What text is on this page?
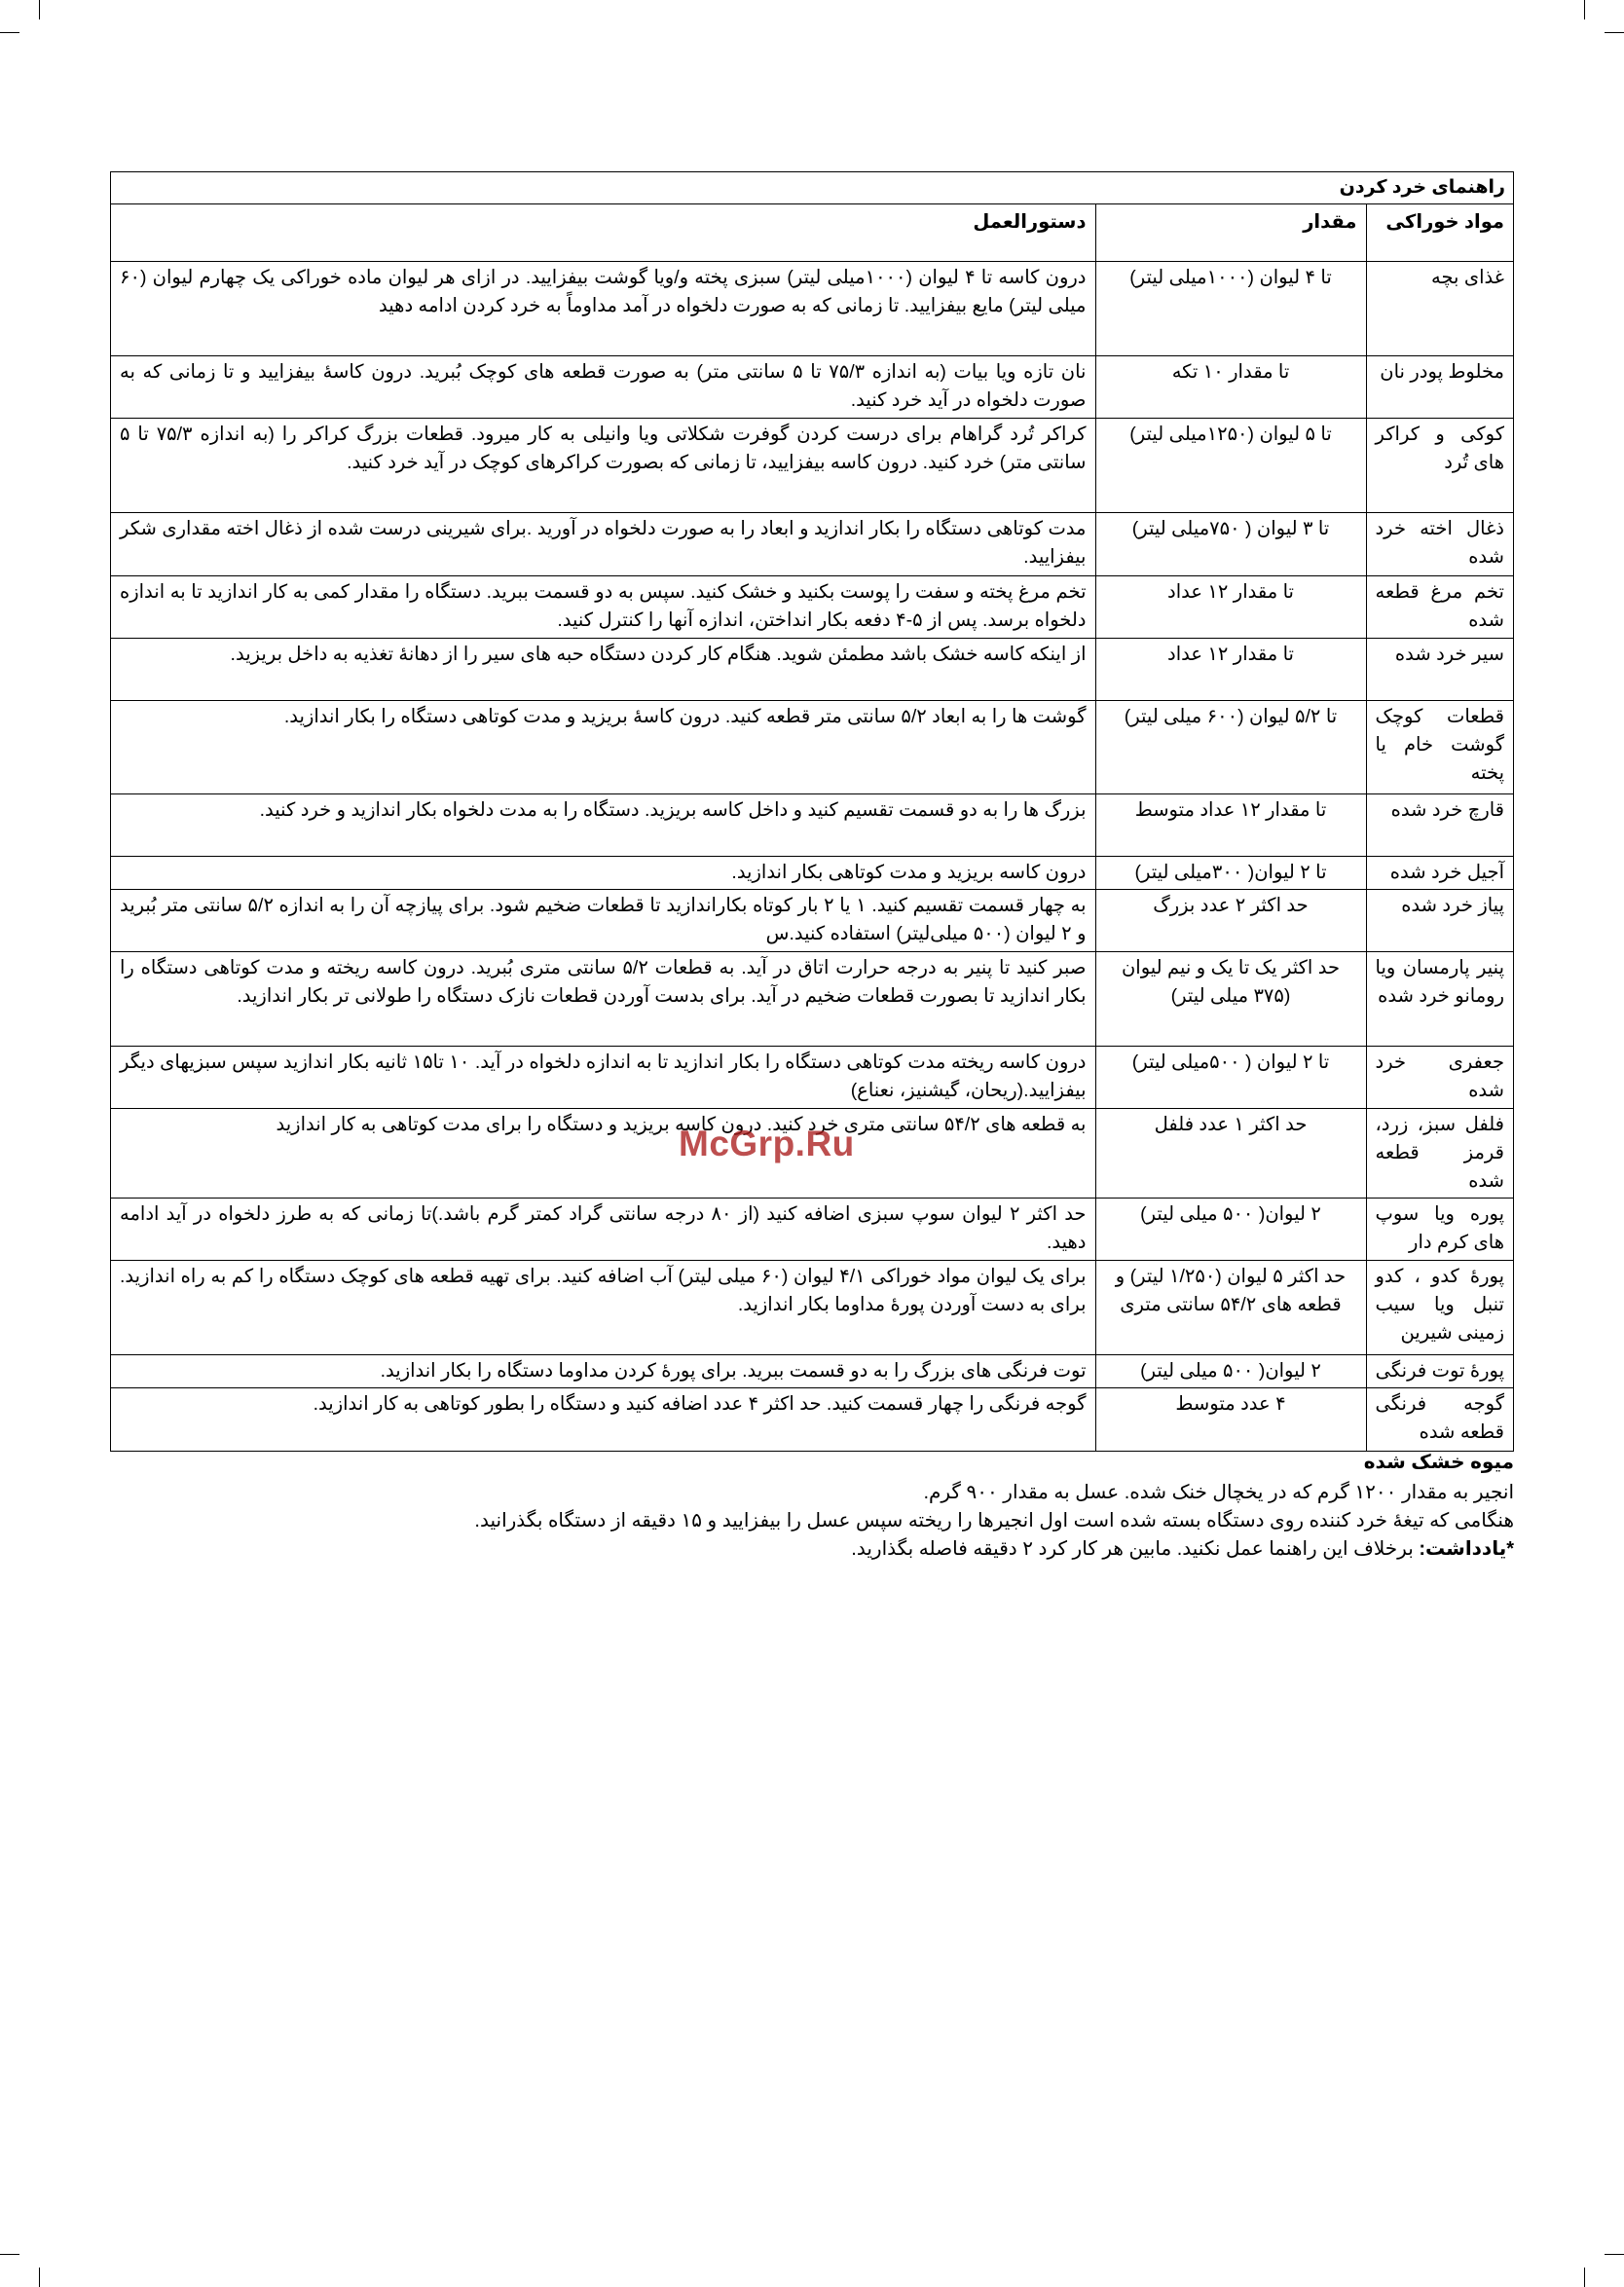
راهنمای خرد کردن
مواد خوراکی	مقدار	دستورالعمل
غذای بچه	تا ۴ لیوان (۱۰۰۰میلی لیتر)	درون کاسه تا ۴ لیوان (۱۰۰۰میلی لیتر) سبزی پخته و/ویا گوشت بیفزایید. در ازای هر لیوان ماده خوراکی یک چهارم لیوان (۶۰ میلی لیتر) مایع بیفزایید. تا زمانی که به صورت دلخواه در آمد مداوماً به خرد کردن ادامه دهید
مخلوط پودر نان	تا مقدار ۱۰ تکه	نان تازه ویا بیات (به اندازه ۷۵/۳ تا ۵ سانتی متر) به صورت قطعه های کوچک بُبرید. درون کاسهٔ بیفزایید و تا زمانی که به صورت دلخواه در آید خرد کنید.
کوکی و کراکر های تُرد	تا ۵ لیوان (۱۲۵۰میلی لیتر)	کراکر تُرد گراهام برای درست کردن گوفرت شکلاتی ویا وانیلی به کار میرود. قطعات بزرگ کراکر را (به اندازه ۷۵/۳ تا ۵ سانتی متر) خرد کنید. درون کاسه بیفزایید، تا زمانی که بصورت کراکرهای کوچک در آید خرد کنید.
ذغال اخته خرد شده	تا ۳ لیوان ( ۷۵۰میلی لیتر)	مدت کوتاهی دستگاه را بکار اندازید و ابعاد را به صورت دلخواه در آورید .برای شیرینی درست شده از ذغال اخته مقداری شکر بیفزایید.
تخم مرغ قطعه شده	تا مقدار ۱۲ عداد	تخم مرغ پخته و سفت را پوست بکنید و خشک کنید. سپس به دو قسمت ببرید. دستگاه را مقدار کمی به کار اندازید تا به اندازه دلخواه برسد. پس از ۵-۴ دفعه بکار انداختن، اندازه آنها را کنترل کنید.
سیر خرد شده	تا مقدار ۱۲ عداد	از اینکه کاسه خشک باشد مطمئن شوید. هنگام کار کردن دستگاه حبه های سیر را از دهانهٔ تغذیه به داخل بریزید.
قطعات کوچک گوشت خام یا پخته	تا ۵/۲ لیوان (۶۰۰ میلی لیتر)	گوشت ها را به ابعاد ۵/۲ سانتی متر قطعه کنید. درون کاسهٔ بریزید و مدت کوتاهی دستگاه را بکار اندازید.
قارچ خرد شده	تا مقدار ۱۲ عداد متوسط	بزرگ ها را به دو قسمت تقسیم کنید و داخل کاسه بریزید. دستگاه را به مدت دلخواه بکار اندازید و خرد کنید.
آجیل خرد شده	تا ۲ لیوان( ۳۰۰میلی لیتر)	درون کاسه بریزید و مدت کوتاهی بکار اندازید.
پیاز خرد شده	حد اکثر ۲ عدد بزرگ	به چهار قسمت تقسیم کنید. ۱ یا ۲ بار کوتاه بکاراندازید تا قطعات ضخیم شود. برای پیازچه آن را به اندازه ۵/۲ سانتی متر بُبرید و ۲ لیوان (۵۰۰ میلی‌لیتر) استفاده کنید.س
پنیر پارمسان ویا رومانو خرد شده	حد اکثر یک تا یک و نیم لیوان (۳۷۵ میلی لیتر)	صبر کنید تا پنیر به درجه حرارت اتاق در آید. به قطعات ۵/۲ سانتی متری بُبرید. درون کاسه ریخته و مدت کوتاهی دستگاه را بکار اندازید تا بصورت قطعات ضخیم در آید. برای بدست آوردن قطعات نازک دستگاه را طولانی تر بکار اندازید.
جعفری خرد شده	تا ۲ لیوان ( ۵۰۰میلی لیتر)	درون کاسه ریخته مدت کوتاهی دستگاه را بکار اندازید تا به اندازه دلخواه در آید. ۱۰ تا۱۵ ثانیه بکار اندازید سپس سبزیهای دیگر بیفزایید.(ریحان، گیشنیز، نعناع)
فلفل سبز، زرد، قرمز قطعه شده	حد اکثر ۱ عدد فلفل	به قطعه های ۵۴/۲ سانتی متری خرد کنید. درون کاسه بریزید و دستگاه را برای مدت کوتاهی به کار اندازید
پوره ویا سوپ های کرم دار	۲ لیوان( ۵۰۰ میلی لیتر)	حد اکثر ۲ لیوان سوپ سبزی اضافه کنید (از ۸۰ درجه سانتی گراد کمتر گرم باشد.)تا زمانی که به طرز دلخواه در آید ادامه دهید.
پورهٔ کدو ، کدو تنبل ویا سیب زمینی شیرین	حد اکثر ۵ لیوان (۱/۲۵۰ لیتر) و قطعه های ۵۴/۲ سانتی متری	برای یک لیوان مواد خوراکی ۴/۱ لیوان (۶۰ میلی لیتر) آب اضافه کنید. برای تهیه قطعه های کوچک دستگاه را کم به راه اندازید. برای به دست آوردن پورهٔ مداوما بکار اندازید.
پورهٔ توت فرنگی	۲ لیوان( ۵۰۰ میلی لیتر)	توت فرنگی های بزرگ را به دو قسمت ببرید. برای پورهٔ کردن مداوما دستگاه را بکار اندازید.
گوجه فرنگی قطعه شده	۴ عدد متوسط	گوجه فرنگی را چهار قسمت کنید. حد اکثر ۴ عدد اضافه کنید و دستگاه را بطور کوتاهی به کار اندازید.
میوه خشک شده

انجیر به مقدار ۱۲۰۰ گرم که در یخچال خنک شده. عسل به مقدار ۹۰۰ گرم.

هنگامی که تیغهٔ خرد کننده روی دستگاه بسته شده است اول انجیرها را ریخته سپس عسل را بیفزایید و ۱۵ دقیقه از دستگاه بگذرانید.

*یادداشت: برخلاف این راهنما عمل نکنید. مابین هر کار کرد ۲ دقیقه فاصله بگذارید.

McGrp.Ru
